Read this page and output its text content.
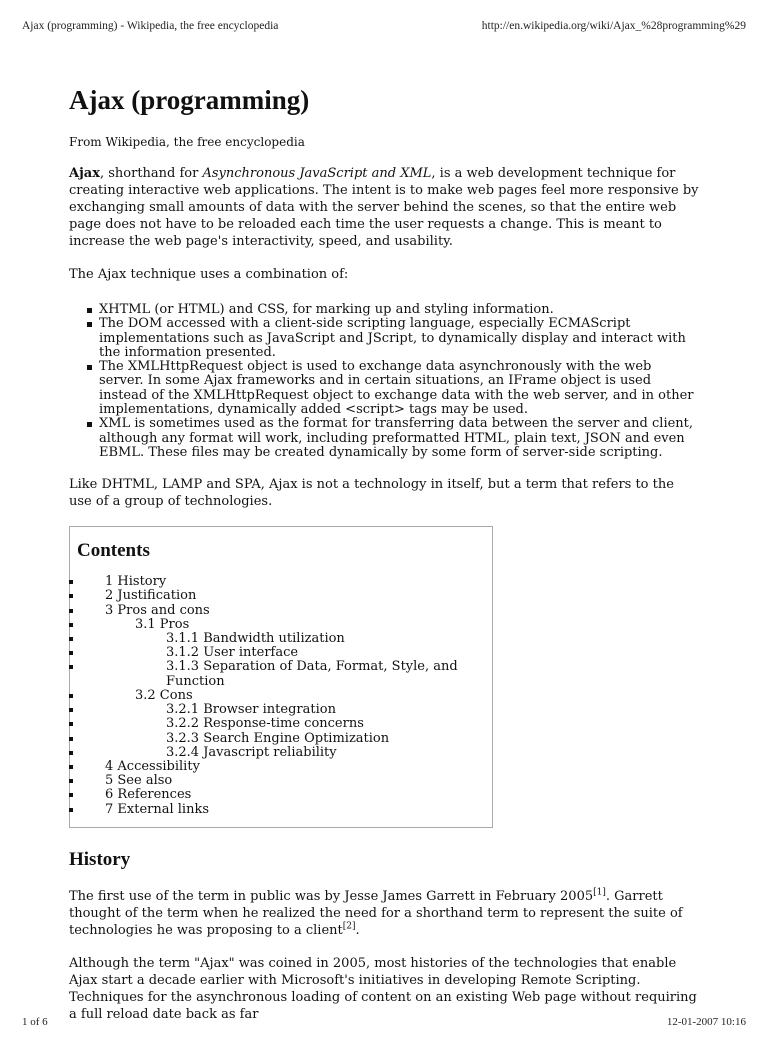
Ajax (programming) - Wikipedia, the free encyclopedia	http://en.wikipedia.org/wiki/Ajax_%28programming%29
Ajax (programming)
From Wikipedia, the free encyclopedia

Ajax, shorthand for Asynchronous JavaScript and XML, is a web development technique for creating interactive web applications. The intent is to make web pages feel more responsive by exchanging small amounts of data with the server behind the scenes, so that the entire web page does not have to be reloaded each time the user requests a change. This is meant to increase the web page's interactivity, speed, and usability.

The Ajax technique uses a combination of:

XHTML (or HTML) and CSS, for marking up and styling information.
The DOM accessed with a client-side scripting language, especially ECMAScript implementations such as JavaScript and JScript, to dynamically display and interact with the information presented.
The XMLHttpRequest object is used to exchange data asynchronously with the web server. In some Ajax frameworks and in certain situations, an IFrame object is used instead of the XMLHttpRequest object to exchange data with the web server, and in other implementations, dynamically added <script> tags may be used.
XML is sometimes used as the format for transferring data between the server and client, although any format will work, including preformatted HTML, plain text, JSON and even EBML. These files may be created dynamically by some form of server-side scripting.

Like DHTML, LAMP and SPA, Ajax is not a technology in itself, but a term that refers to the use of a group of technologies.

Contents
1 History
2 Justification
3 Pros and cons
3.1 Pros
3.1.1 Bandwidth utilization
3.1.2 User interface
3.1.3 Separation of Data, Format, Style, and Function
3.2 Cons
3.2.1 Browser integration
3.2.2 Response-time concerns
3.2.3 Search Engine Optimization
3.2.4 Javascript reliability
4 Accessibility
5 See also
6 References
7 External links
History

The first use of the term in public was by Jesse James Garrett in February 2005[1]. Garrett thought of the term when he realized the need for a shorthand term to represent the suite of technologies he was proposing to a client[2].

Although the term "Ajax" was coined in 2005, most histories of the technologies that enable Ajax start a decade earlier with Microsoft's initiatives in developing Remote Scripting. Techniques for the asynchronous loading of content on an existing Web page without requiring a full reload date back as far

1 of 6	12-01-2007 10:16
